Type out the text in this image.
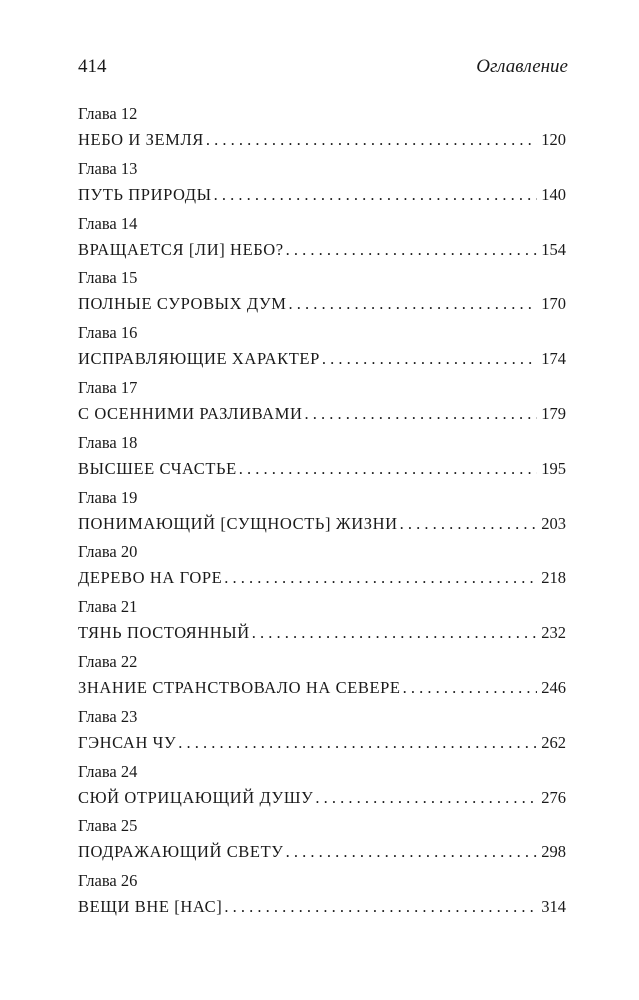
414	Оглавление
Глава 12
НЕБО И ЗЕМЛЯ . . .	120
Глава 13
ПУТЬ ПРИРОДЫ . . .	140
Глава 14
ВРАЩАЕТСЯ [ЛИ] НЕБО? . . .	154
Глава 15
ПОЛНЫЕ СУРОВЫХ ДУМ . . .	170
Глава 16
ИСПРАВЛЯЮЩИЕ ХАРАКТЕР . . .	174
Глава 17
С ОСЕННИМИ РАЗЛИВАМИ . . .	179
Глава 18
ВЫСШЕЕ СЧАСТЬЕ . . .	195
Глава 19
ПОНИМАЮЩИЙ [СУЩНОСТЬ] ЖИЗНИ . . .	203
Глава 20
ДЕРЕВО НА ГОРЕ . . .	218
Глава 21
ТЯНЬ ПОСТОЯННЫЙ . . .	232
Глава 22
ЗНАНИЕ СТРАНСТВОВАЛО НА СЕВЕРЕ . . .	246
Глава 23
ГЭНСАН ЧУ . . .	262
Глава 24
СЮЙ ОТРИЦАЮЩИЙ ДУШУ . . .	276
Глава 25
ПОДРАЖАЮЩИЙ СВЕТУ . . .	298
Глава 26
ВЕЩИ ВНЕ [НАС] . . .	314
